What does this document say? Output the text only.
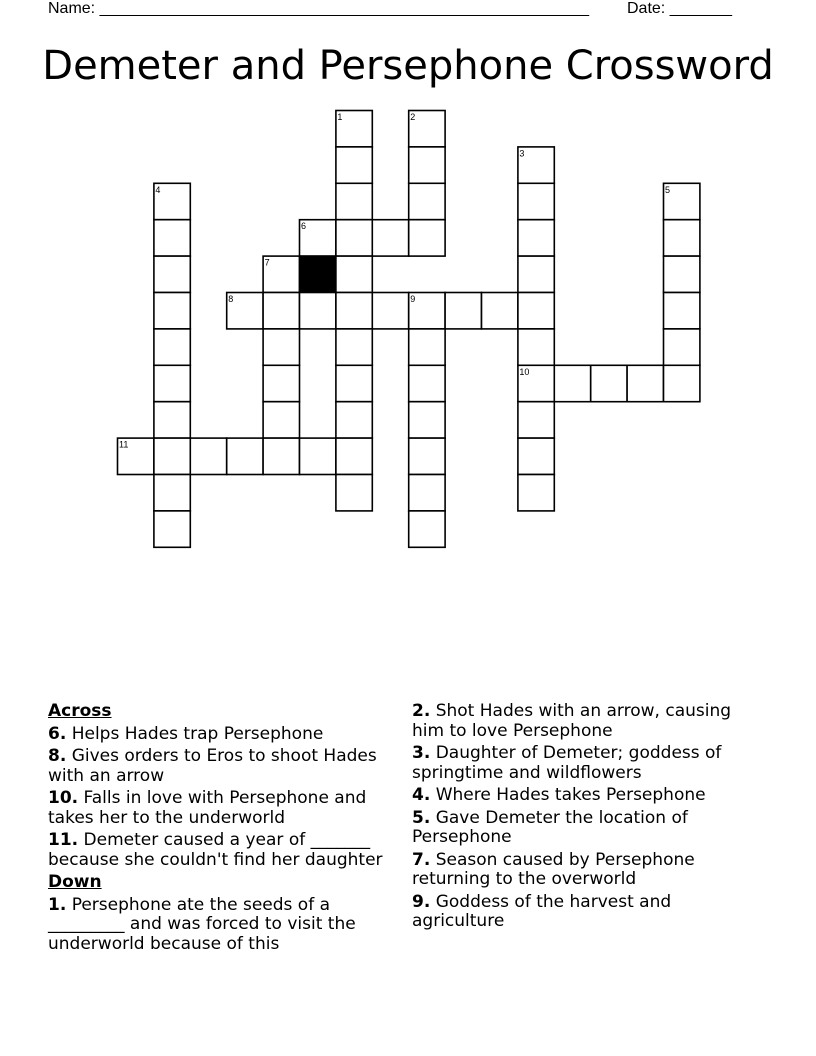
Name: _______________________________________________________ Date: _______
Demeter and Persephone Crossword
1	2
3
4	5
6
7
8	9
10
11
Across
6. Helps Hades trap Persephone
8. Gives orders to Eros to shoot Hades with an arrow
10. Falls in love with Persephone and takes her to the underworld
11. Demeter caused a year of _______ because she couldn't find her daughter
Down
1. Persephone ate the seeds of a _________ and was forced to visit the underworld because of this
2. Shot Hades with an arrow, causing him to love Persephone
3. Daughter of Demeter; goddess of springtime and wildflowers
4. Where Hades takes Persephone
5. Gave Demeter the location of Persephone
7. Season caused by Persephone returning to the overworld
9. Goddess of the harvest and agriculture
